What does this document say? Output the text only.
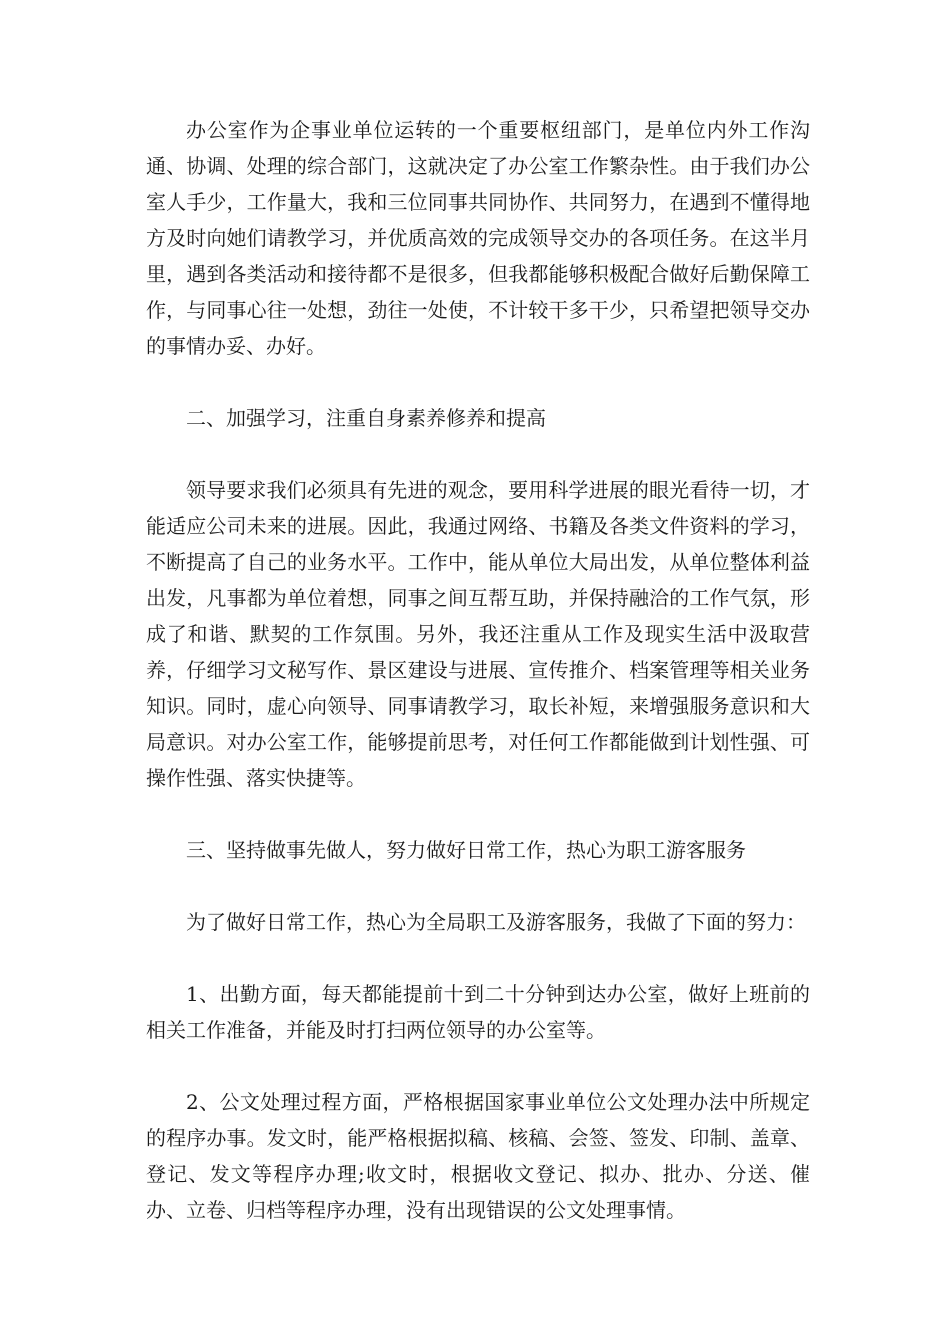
办公室作为企事业单位运转的一个重要枢纽部门，是单位内外工作沟通、协调、处理的综合部门，这就决定了办公室工作繁杂性。由于我们办公室人手少，工作量大，我和三位同事共同协作、共同努力，在遇到不懂得地方及时向她们请教学习，并优质高效的完成领导交办的各项任务。在这半月里，遇到各类活动和接待都不是很多，但我都能够积极配合做好后勤保障工作，与同事心往一处想，劲往一处使，不计较干多干少，只希望把领导交办的事情办妥、办好。

二、加强学习，注重自身素养修养和提高

领导要求我们必须具有先进的观念，要用科学进展的眼光看待一切，才能适应公司未来的进展。因此，我通过网络、书籍及各类文件资料的学习，不断提高了自己的业务水平。工作中，能从单位大局出发，从单位整体利益出发，凡事都为单位着想，同事之间互帮互助，并保持融洽的工作气氛，形成了和谐、默契的工作氛围。另外，我还注重从工作及现实生活中汲取营养，仔细学习文秘写作、景区建设与进展、宣传推介、档案管理等相关业务知识。同时，虚心向领导、同事请教学习，取长补短，来增强服务意识和大局意识。对办公室工作，能够提前思考，对任何工作都能做到计划性强、可操作性强、落实快捷等。

三、坚持做事先做人，努力做好日常工作，热心为职工游客服务

为了做好日常工作，热心为全局职工及游客服务，我做了下面的努力：

1、出勤方面，每天都能提前十到二十分钟到达办公室，做好上班前的相关工作准备，并能及时打扫两位领导的办公室等。

2、公文处理过程方面，严格根据国家事业单位公文处理办法中所规定的程序办事。发文时，能严格根据拟稿、核稿、会签、签发、印制、盖章、登记、发文等程序办理;收文时，根据收文登记、拟办、批办、分送、催办、立卷、归档等程序办理，没有出现错误的公文处理事情。
